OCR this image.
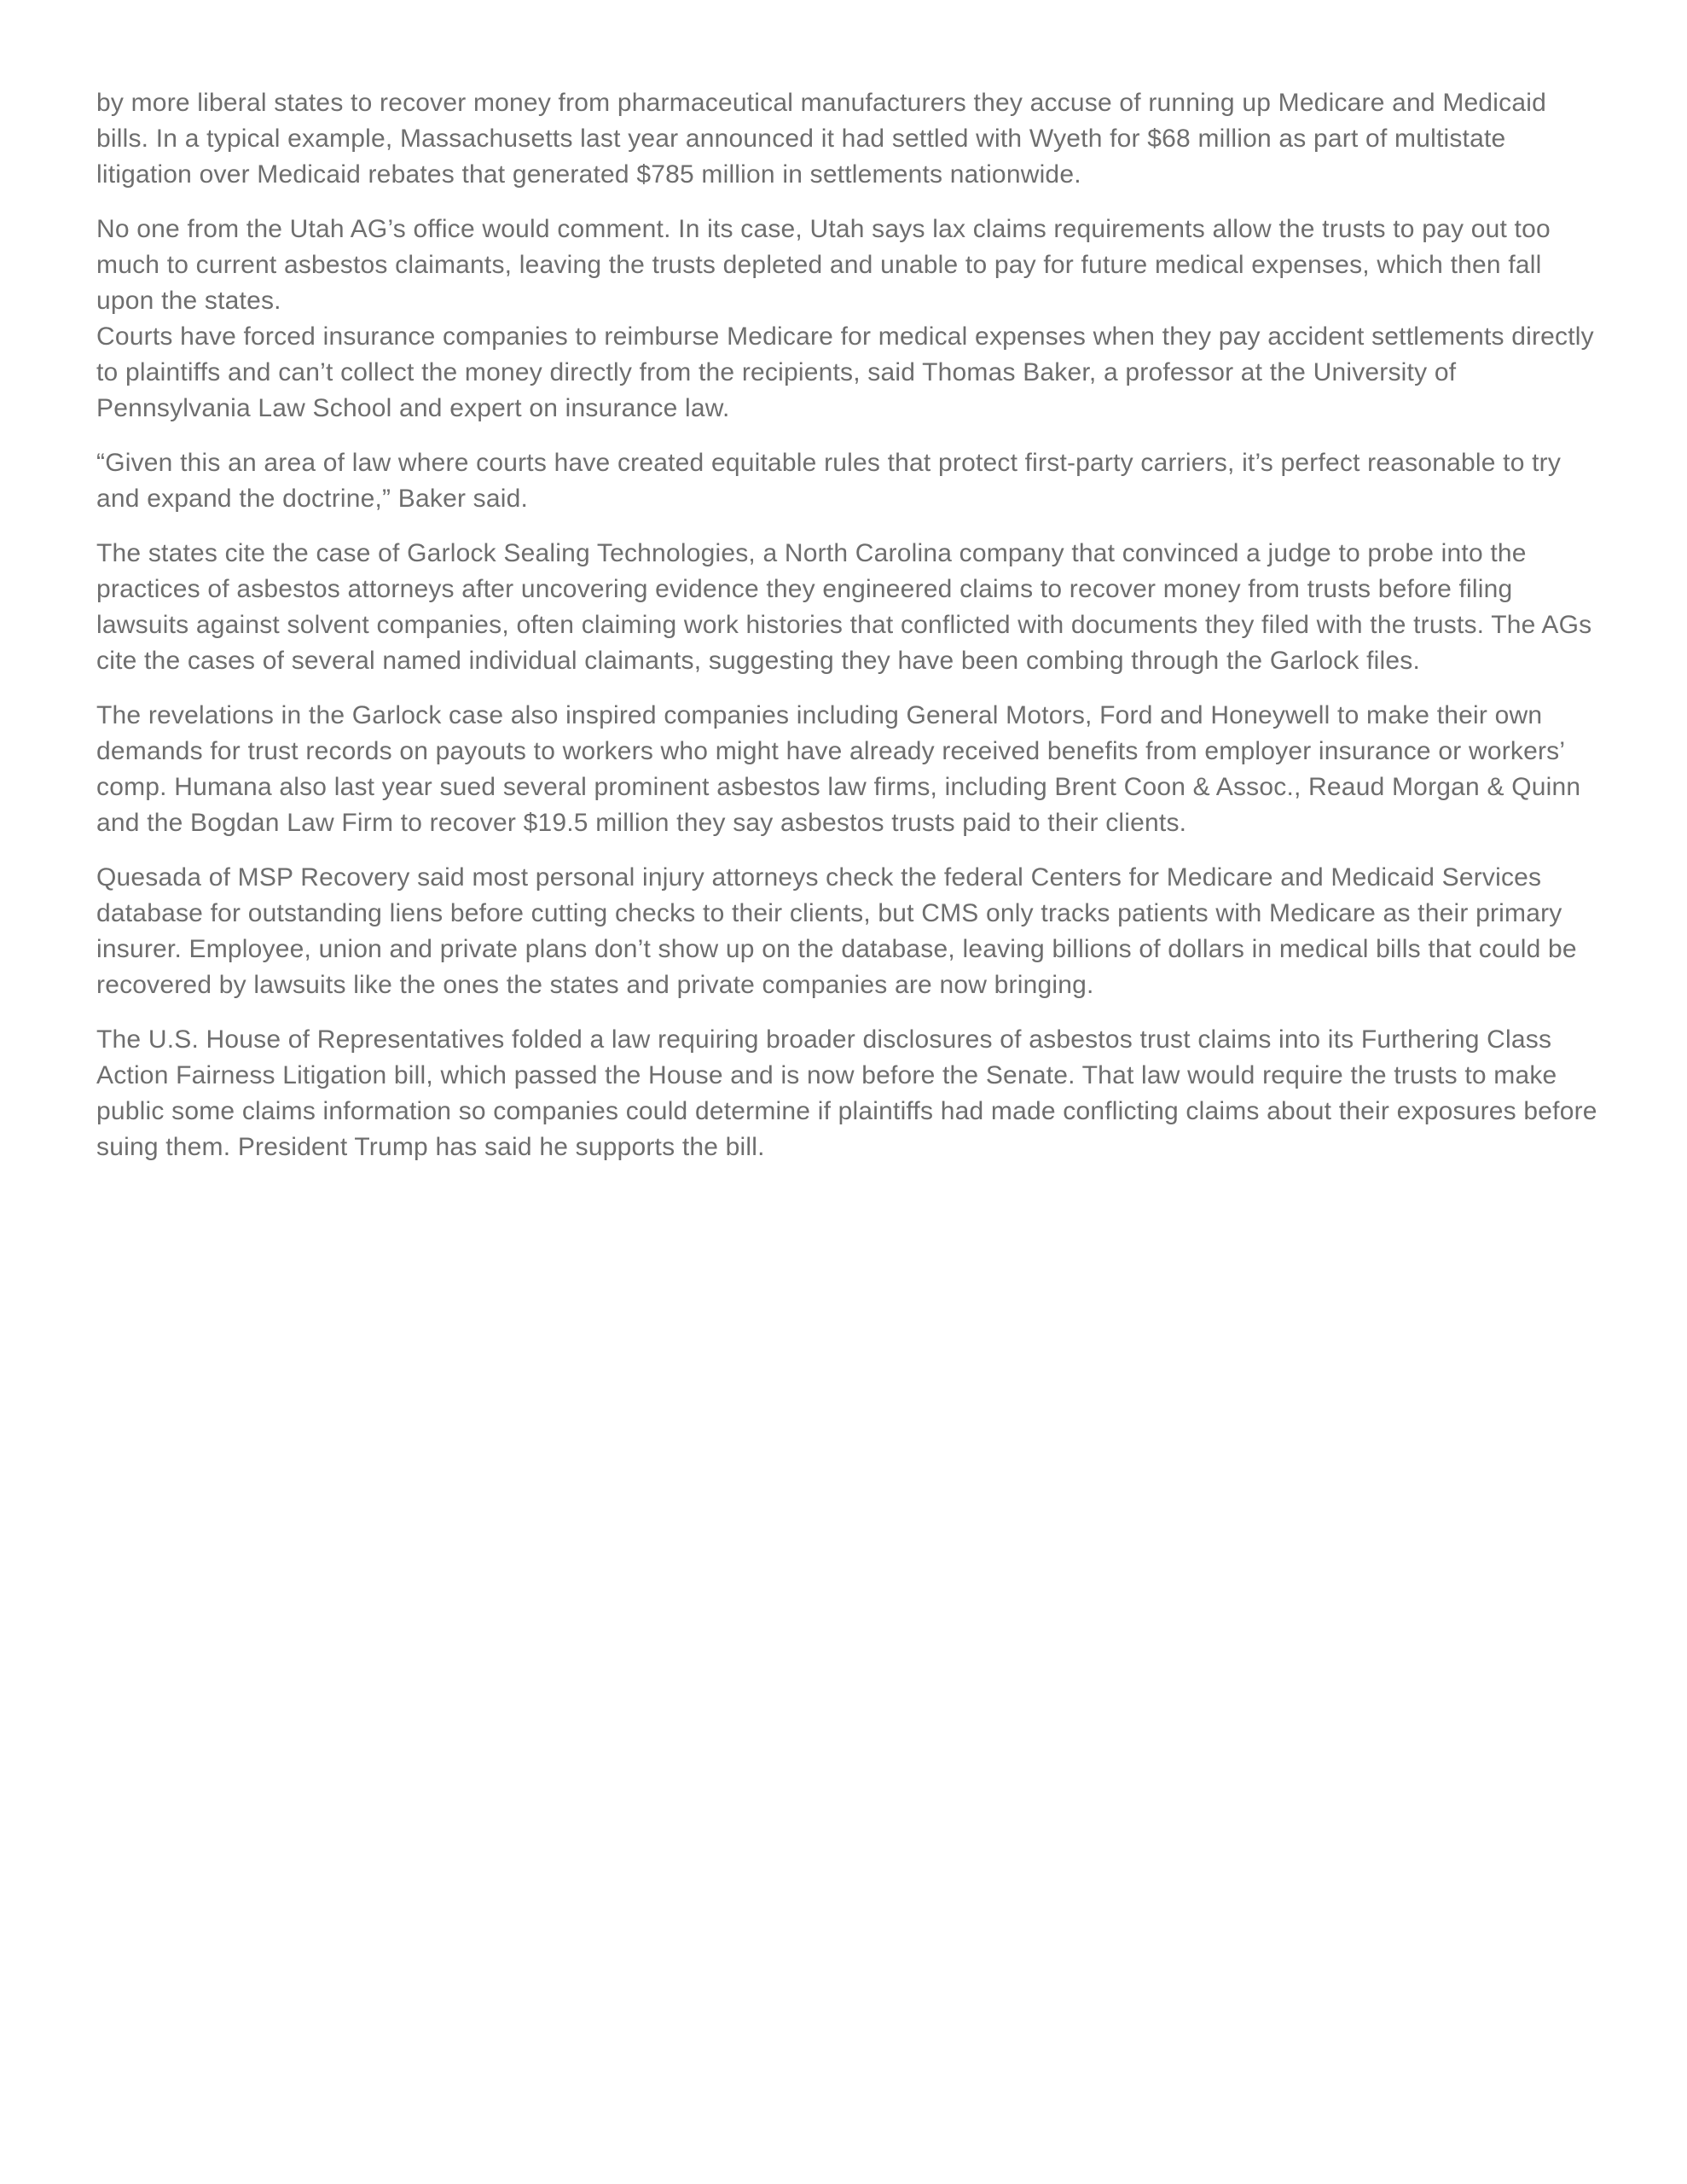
by more liberal states to recover money from pharmaceutical manufacturers they accuse of running up Medicare and Medicaid bills. In a typical example, Massachusetts last year announced it had settled with Wyeth for $68 million as part of multistate litigation over Medicaid rebates that generated $785 million in settlements nationwide.

No one from the Utah AG’s office would comment. In its case, Utah says lax claims requirements allow the trusts to pay out too much to current asbestos claimants, leaving the trusts depleted and unable to pay for future medical expenses, which then fall upon the states.

Courts have forced insurance companies to reimburse Medicare for medical expenses when they pay accident settlements directly to plaintiffs and can’t collect the money directly from the recipients, said Thomas Baker, a professor at the University of Pennsylvania Law School and expert on insurance law.

“Given this an area of law where courts have created equitable rules that protect first-party carriers, it’s perfect reasonable to try and expand the doctrine,” Baker said.

The states cite the case of Garlock Sealing Technologies, a North Carolina company that convinced a judge to probe into the practices of asbestos attorneys after uncovering evidence they engineered claims to recover money from trusts before filing lawsuits against solvent companies, often claiming work histories that conflicted with documents they filed with the trusts. The AGs cite the cases of several named individual claimants, suggesting they have been combing through the Garlock files.

The revelations in the Garlock case also inspired companies including General Motors, Ford and Honeywell to make their own demands for trust records on payouts to workers who might have already received benefits from employer insurance or workers’ comp. Humana also last year sued several prominent asbestos law firms, including Brent Coon & Assoc., Reaud Morgan & Quinn and the Bogdan Law Firm to recover $19.5 million they say asbestos trusts paid to their clients.

Quesada of MSP Recovery said most personal injury attorneys check the federal Centers for Medicare and Medicaid Services database for outstanding liens before cutting checks to their clients, but CMS only tracks patients with Medicare as their primary insurer. Employee, union and private plans don’t show up on the database, leaving billions of dollars in medical bills that could be recovered by lawsuits like the ones the states and private companies are now bringing.

The U.S. House of Representatives folded a law requiring broader disclosures of asbestos trust claims into its Furthering Class Action Fairness Litigation bill, which passed the House and is now before the Senate. That law would require the trusts to make public some claims information so companies could determine if plaintiffs had made conflicting claims about their exposures before suing them. President Trump has said he supports the bill.
